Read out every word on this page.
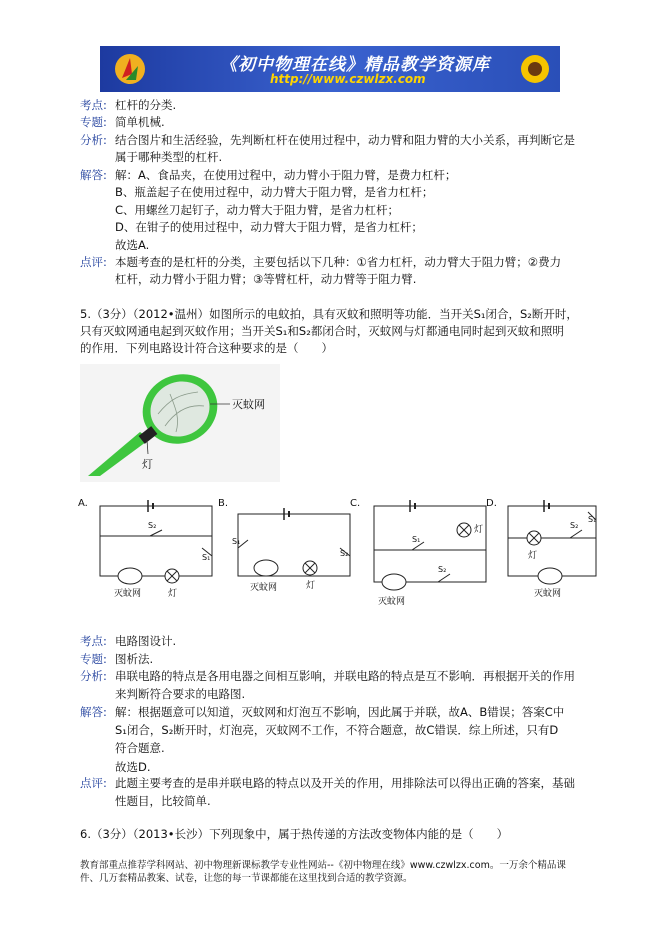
《初中物理在线》精品教学资源库
http://www.czwlzx.com
考点: 杠杆的分类.
专题: 简单机械.
分析: 结合图片和生活经验，先判断杠杆在使用过程中，动力臂和阻力臂的大小关系，再判断它是
属于哪种类型的杠杆.
解答: 解：A、食品夹，在使用过程中，动力臂小于阻力臂，是费力杠杆；
B、瓶盖起子在使用过程中，动力臂大于阻力臂，是省力杠杆；
C、用螺丝刀起钉子，动力臂大于阻力臂，是省力杠杆；
D、在钳子的使用过程中，动力臂大于阻力臂，是省力杠杆；
故选A.
点评: 本题考查的是杠杆的分类，主要包括以下几种：①省力杠杆，动力臂大于阻力臂；②费力
杠杆，动力臂小于阻力臂；③等臂杠杆，动力臂等于阻力臂.
5.（3分）（2012•温州）如图所示的电蚊拍，具有灭蚊和照明等功能．当开关S₁闭合，S₂断开时，
只有灭蚊网通电起到灭蚊作用；当开关S₁和S₂都闭合时，灭蚊网与灯都通电同时起到灭蚊和照明
的作用．下列电路设计符合这种要求的是（　　）
灭蚊网
灯
A.	B.	C.	D.
S₂
S₁
灭蚊网	灯
S₁
S₂
灭蚊网	灯
S₁
S₂
灯
灭蚊网
S₂
S₁
灯
灭蚊网
考点: 电路图设计.
专题: 图析法.
分析: 串联电路的特点是各用电器之间相互影响，并联电路的特点是互不影响．再根据开关的作用
来判断符合要求的电路图.
解答: 解：根据题意可以知道，灭蚊网和灯泡互不影响，因此属于并联，故A、B错误；答案C中
S₁闭合，S₂断开时，灯泡亮，灭蚊网不工作，不符合题意，故C错误．综上所述，只有D
符合题意.
故选D.
点评: 此题主要考查的是串并联电路的特点以及开关的作用，用排除法可以得出正确的答案，基础
性题目，比较简单.
6.（3分）（2013•长沙）下列现象中，属于热传递的方法改变物体内能的是（　　）
教育部重点推荐学科网站、初中物理新课标教学专业性网站--《初中物理在线》www.czwlzx.com。一万余个精品课
件、几万套精品教案、试卷，让您的每一节课都能在这里找到合适的教学资源。
